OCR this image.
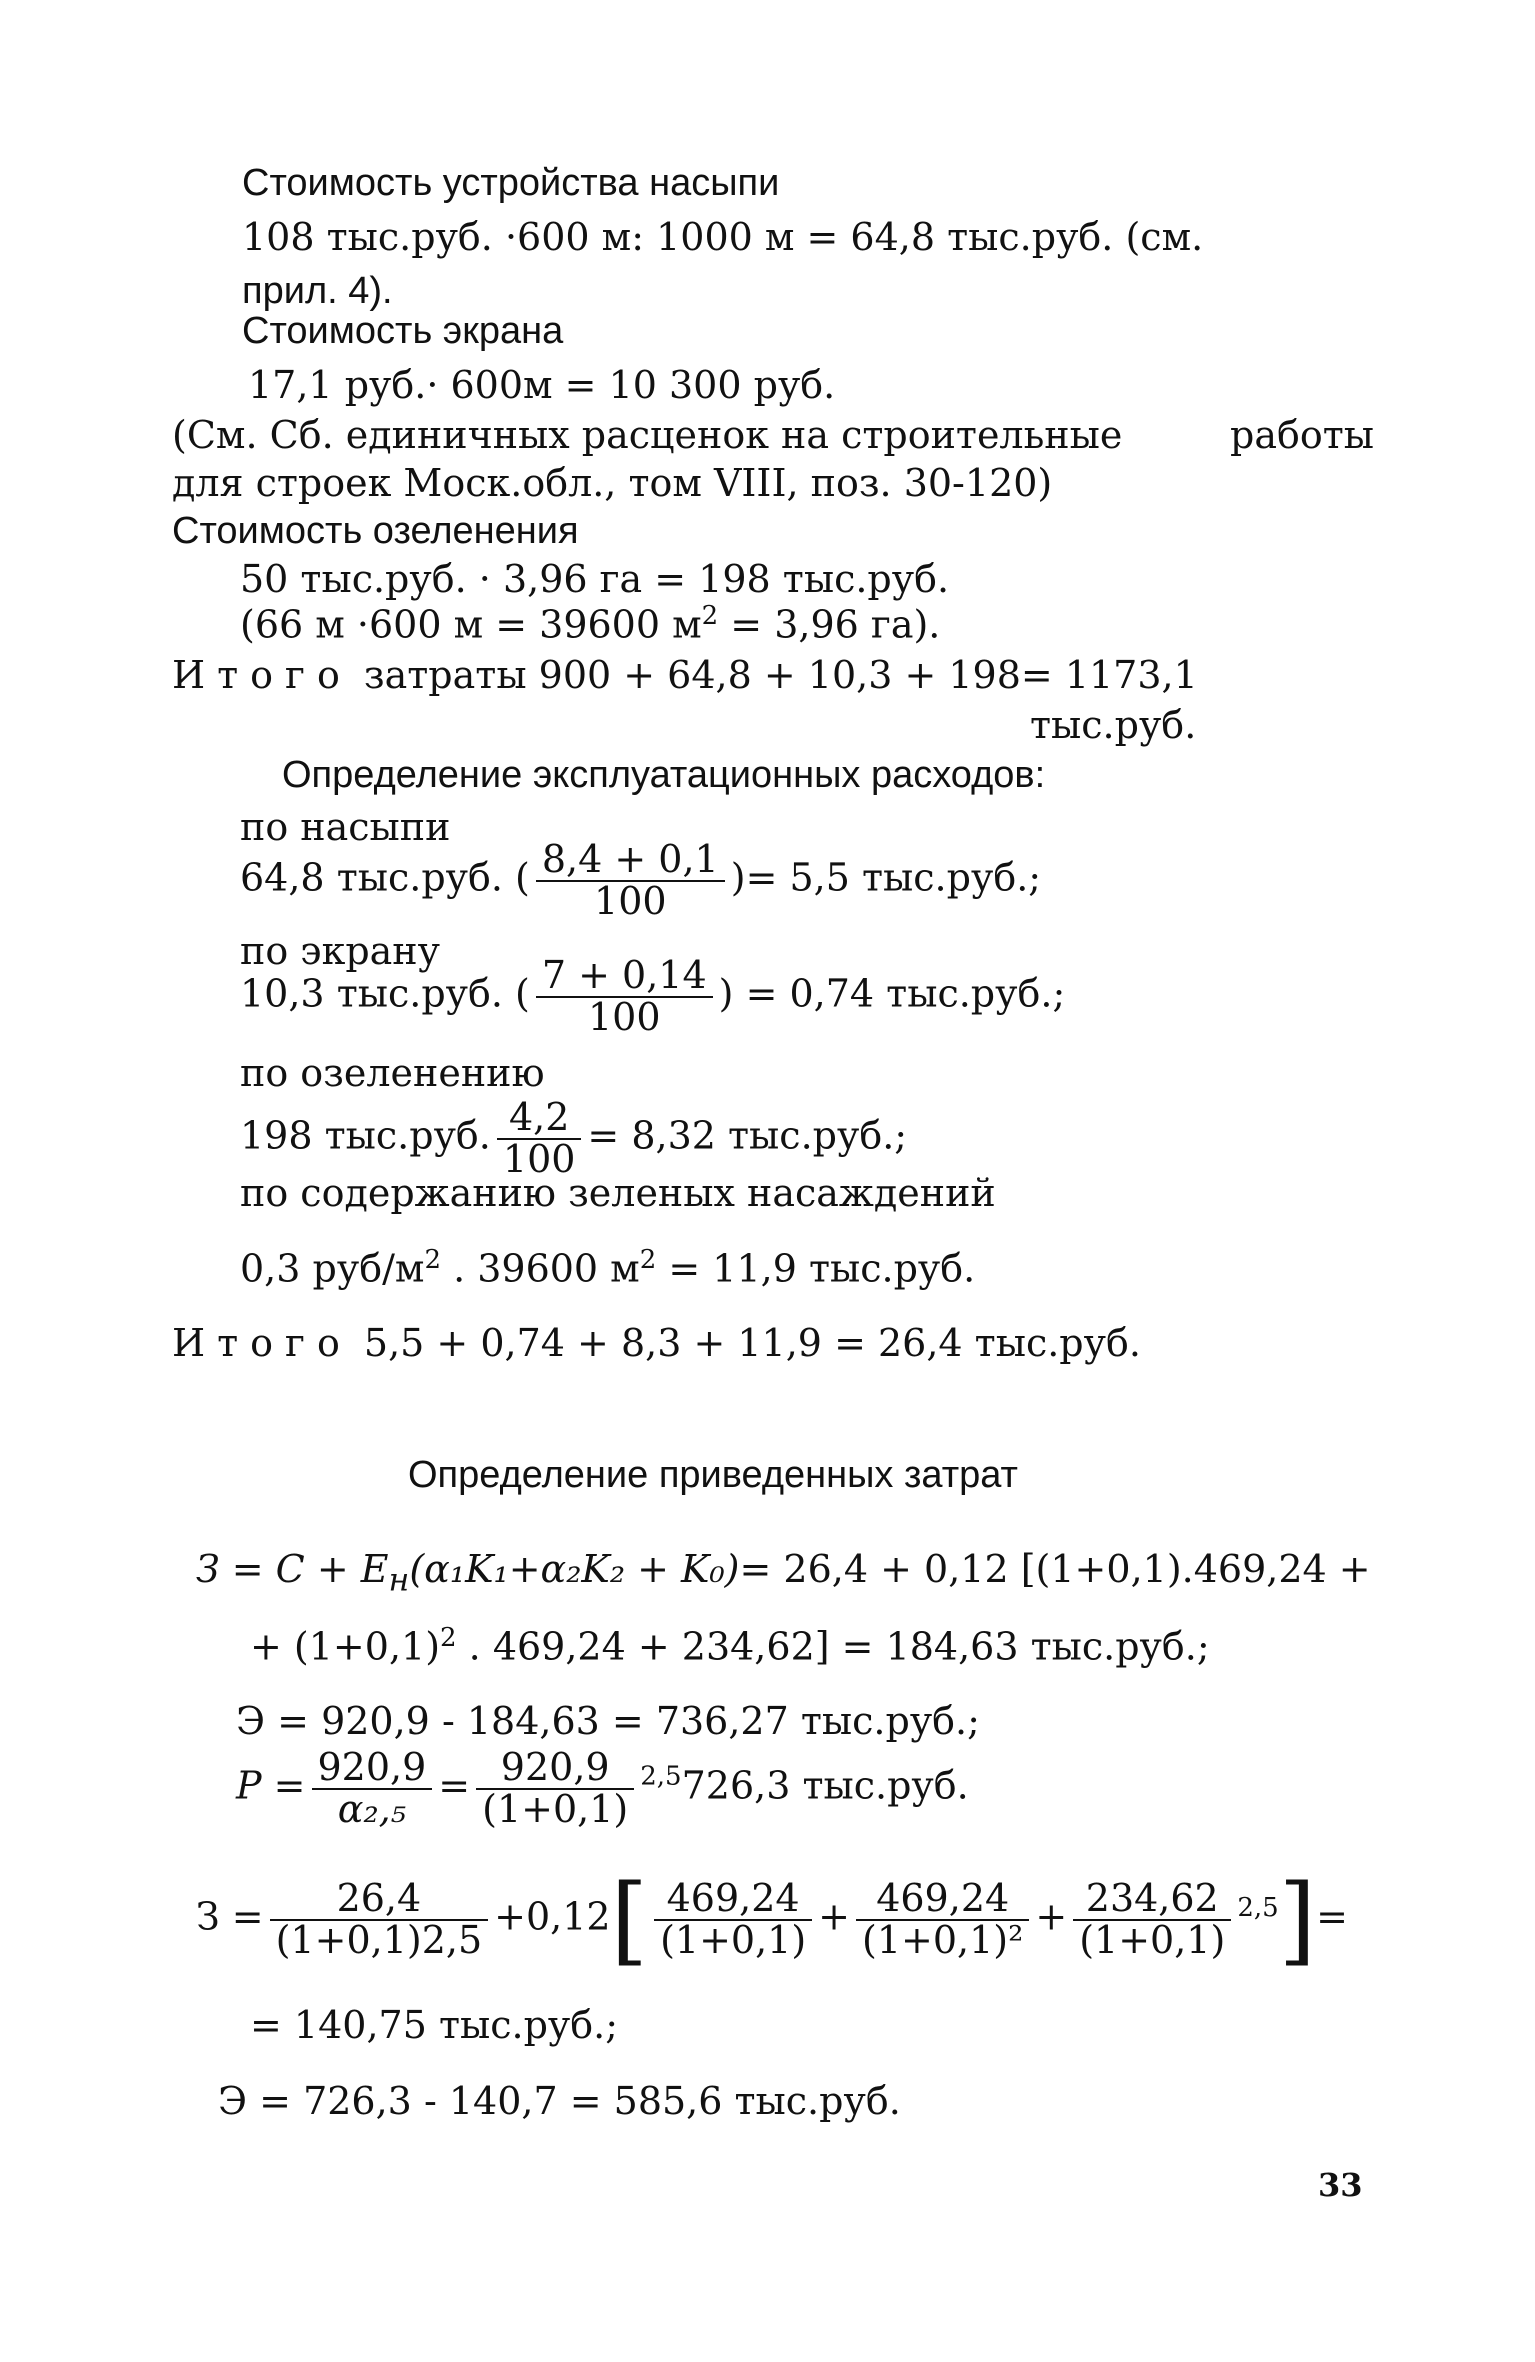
Стоимость устройства насыпи
108 тыс.руб. ·600 м: 1000 м = 64,8 тыс.руб. (см.
прил. 4).
Стоимость экрана
17,1 руб.· 600м = 10 300 руб.
(См. Сб. единичных расценок на строительные	работы
для строек Моск.обл., том VIII, поз. 30-120)
Стоимость озеленения
50 тыс.руб. · 3,96 га = 198 тыс.руб.
(66 м ·600 м = 39600 $м^2 = 3,96$ га).
Итого затраты 900 + 64,8 + 10,3 + 198= 1173,1
тыс.руб.
Определение эксплуатационных расходов:
по насыпи
64,8 тыс.руб. ( $\frac{8,4 + 0,1}{100}$ )= 5,5 тыс.руб.;
по экрану
10,3 тыс.руб. ( $\frac{7 + 0,14}{100}$ ) = 0,74 тыс.руб.;
по озеленению
198 тыс.руб. $\frac{4,2}{100} = 8,32$ тыс.руб.;
по содержанию зеленых насаждений
0,3 руб/$м^2$ . 39600 $м^2 = 11,9$ тыс.руб.
Итого 5,5 + 0,74 + 8,3 + 11,9 = 26,4 тыс.руб.
Определение приведенных затрат
$З = С + Е_н(\alpha_1K_1+\alpha_2K_2 + K_0)= 26,4 + 0,12$ [(1+0,1).469,24 +
+ $(1+0,1)^2$ . 469,24 + 234,62] = 184,63 тыс.руб.;
Э = 920,9 - 184,63 = 736,27 тыс.руб.;
$Р = \frac{920,9}{\text{α₂,₅}} = \frac{920,9}{(1+0,1)} ^{2,5}726,3$ тыс.руб.
$З = \frac{26,4}{(1+0,1)2,5} +0,12[ \frac{469,24}{(1+0,1)} + \frac{469,24}{\text{(1+0,1)²}} + \frac{234,62}{(1+0,1)} ^{2,5}]=$
= 140,75 тыс.руб.;
Э = 726,3 - 140,7 = 585,6 тыс.руб.
33
